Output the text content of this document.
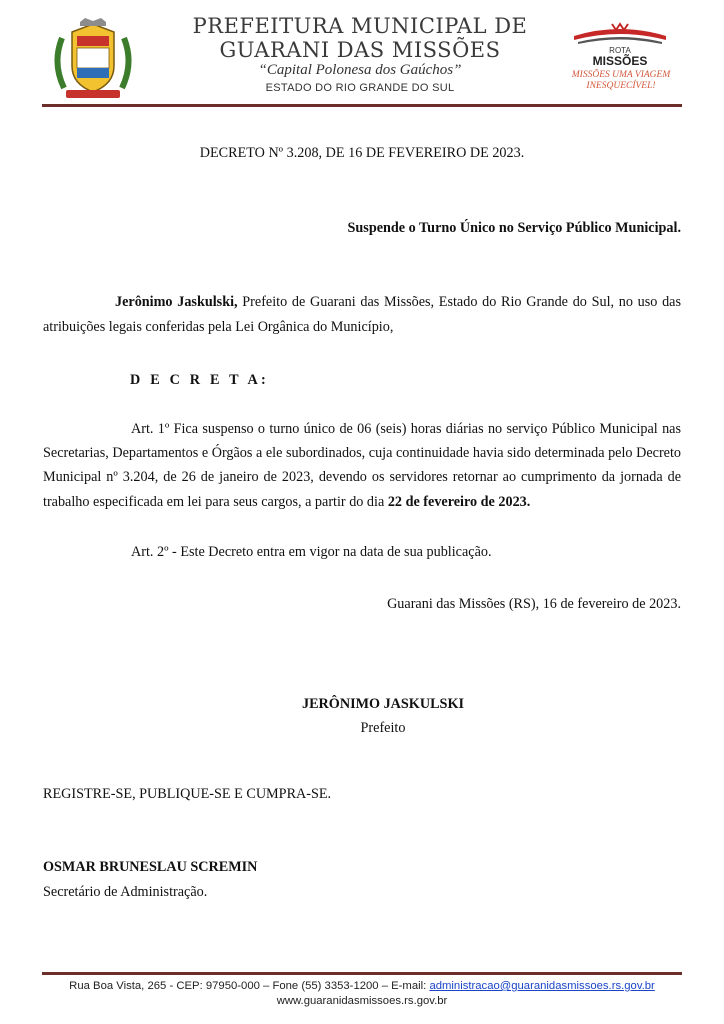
PREFEITURA MUNICIPAL DE
GUARANI DAS MISSÕES
“Capital Polonesa dos Gaúchos”
ESTADO DO RIO GRANDE DO SUL
ROTA
MISSÕES
MISSÕES UMA VIAGEM
INESQUECÍVEL!
DECRETO Nº 3.208, DE 16 DE FEVEREIRO DE 2023.
Suspende o Turno Único no Serviço Público Municipal.
Jerônimo Jaskulski, Prefeito de Guarani das Missões, Estado do Rio Grande do Sul, no uso das atribuições legais conferidas pela Lei Orgânica do Município,
D E C R E T A:
Art. 1º Fica suspenso o turno único de 06 (seis) horas diárias no serviço Público Municipal nas Secretarias, Departamentos e Órgãos a ele subordinados, cuja continuidade havia sido determinada pelo Decreto Municipal nº 3.204, de 26 de janeiro de 2023, devendo os servidores retornar ao cumprimento da jornada de trabalho especificada em lei para seus cargos, a partir do dia 22 de fevereiro de 2023.
Art. 2º - Este Decreto entra em vigor na data de sua publicação.
Guarani das Missões (RS), 16 de fevereiro de 2023.
JERÔNIMO JASKULSKI
Prefeito
REGISTRE-SE, PUBLIQUE-SE E CUMPRA-SE.
OSMAR BRUNESLAU SCREMIN
Secretário de Administração.
Rua Boa Vista, 265 - CEP: 97950-000 – Fone (55) 3353-1200 – E-mail: administracao@guaranidasmissoes.rs.gov.br
www.guaranidasmissoes.rs.gov.br
